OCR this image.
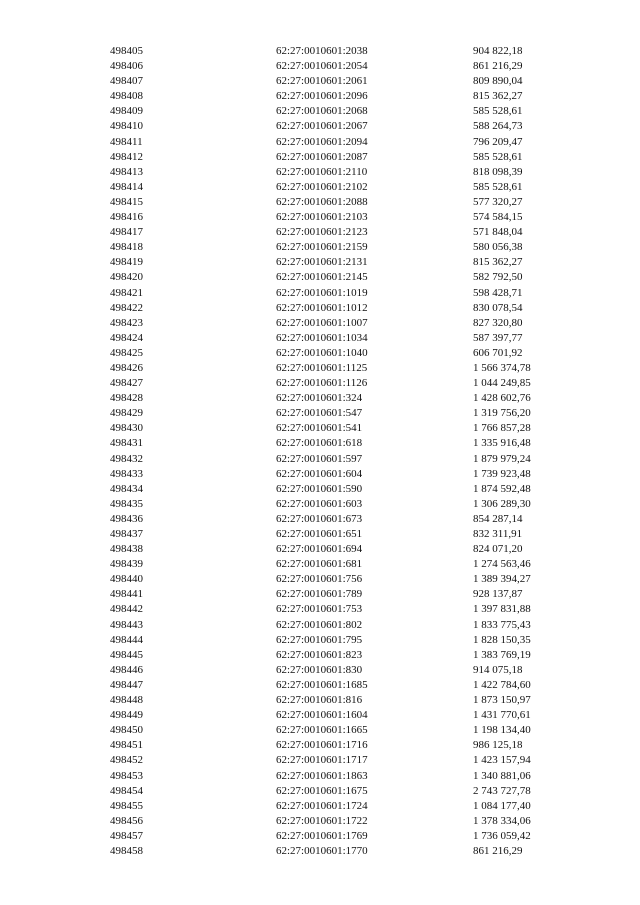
498405	62:27:0010601:2038	904 822,18
498406	62:27:0010601:2054	861 216,29
498407	62:27:0010601:2061	809 890,04
498408	62:27:0010601:2096	815 362,27
498409	62:27:0010601:2068	585 528,61
498410	62:27:0010601:2067	588 264,73
498411	62:27:0010601:2094	796 209,47
498412	62:27:0010601:2087	585 528,61
498413	62:27:0010601:2110	818 098,39
498414	62:27:0010601:2102	585 528,61
498415	62:27:0010601:2088	577 320,27
498416	62:27:0010601:2103	574 584,15
498417	62:27:0010601:2123	571 848,04
498418	62:27:0010601:2159	580 056,38
498419	62:27:0010601:2131	815 362,27
498420	62:27:0010601:2145	582 792,50
498421	62:27:0010601:1019	598 428,71
498422	62:27:0010601:1012	830 078,54
498423	62:27:0010601:1007	827 320,80
498424	62:27:0010601:1034	587 397,77
498425	62:27:0010601:1040	606 701,92
498426	62:27:0010601:1125	1 566 374,78
498427	62:27:0010601:1126	1 044 249,85
498428	62:27:0010601:324	1 428 602,76
498429	62:27:0010601:547	1 319 756,20
498430	62:27:0010601:541	1 766 857,28
498431	62:27:0010601:618	1 335 916,48
498432	62:27:0010601:597	1 879 979,24
498433	62:27:0010601:604	1 739 923,48
498434	62:27:0010601:590	1 874 592,48
498435	62:27:0010601:603	1 306 289,30
498436	62:27:0010601:673	854 287,14
498437	62:27:0010601:651	832 311,91
498438	62:27:0010601:694	824 071,20
498439	62:27:0010601:681	1 274 563,46
498440	62:27:0010601:756	1 389 394,27
498441	62:27:0010601:789	928 137,87
498442	62:27:0010601:753	1 397 831,88
498443	62:27:0010601:802	1 833 775,43
498444	62:27:0010601:795	1 828 150,35
498445	62:27:0010601:823	1 383 769,19
498446	62:27:0010601:830	914 075,18
498447	62:27:0010601:1685	1 422 784,60
498448	62:27:0010601:816	1 873 150,97
498449	62:27:0010601:1604	1 431 770,61
498450	62:27:0010601:1665	1 198 134,40
498451	62:27:0010601:1716	986 125,18
498452	62:27:0010601:1717	1 423 157,94
498453	62:27:0010601:1863	1 340 881,06
498454	62:27:0010601:1675	2 743 727,78
498455	62:27:0010601:1724	1 084 177,40
498456	62:27:0010601:1722	1 378 334,06
498457	62:27:0010601:1769	1 736 059,42
498458	62:27:0010601:1770	861 216,29
